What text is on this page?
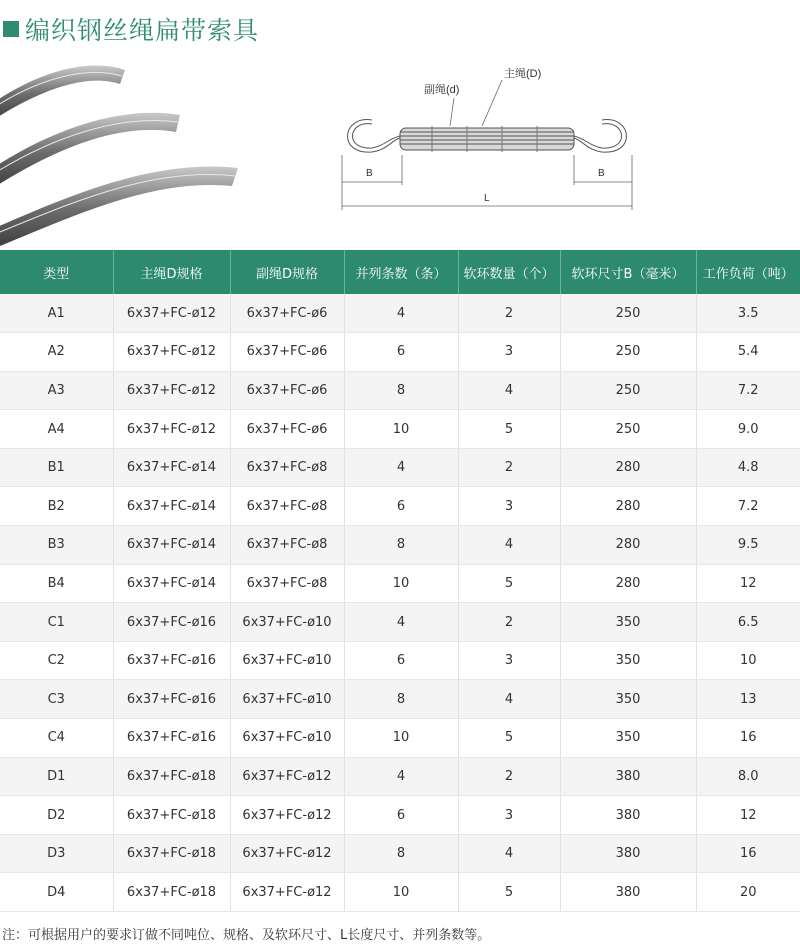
编织钢丝绳扁带索具
副绳(d)
主绳(D)
B	B
L
类型	主绳D规格	副绳D规格	并列条数（条）	软环数量（个）	软环尺寸B（毫米）	工作负荷（吨）
A1	6x37+FC-ø12	6x37+FC-ø6	4	2	250	3.5
A2	6x37+FC-ø12	6x37+FC-ø6	6	3	250	5.4
A3	6x37+FC-ø12	6x37+FC-ø6	8	4	250	7.2
A4	6x37+FC-ø12	6x37+FC-ø6	10	5	250	9.0
B1	6x37+FC-ø14	6x37+FC-ø8	4	2	280	4.8
B2	6x37+FC-ø14	6x37+FC-ø8	6	3	280	7.2
B3	6x37+FC-ø14	6x37+FC-ø8	8	4	280	9.5
B4	6x37+FC-ø14	6x37+FC-ø8	10	5	280	12
C1	6x37+FC-ø16	6x37+FC-ø10	4	2	350	6.5
C2	6x37+FC-ø16	6x37+FC-ø10	6	3	350	10
C3	6x37+FC-ø16	6x37+FC-ø10	8	4	350	13
C4	6x37+FC-ø16	6x37+FC-ø10	10	5	350	16
D1	6x37+FC-ø18	6x37+FC-ø12	4	2	380	8.0
D2	6x37+FC-ø18	6x37+FC-ø12	6	3	380	12
D3	6x37+FC-ø18	6x37+FC-ø12	8	4	380	16
D4	6x37+FC-ø18	6x37+FC-ø12	10	5	380	20
注：可根据用户的要求订做不同吨位、规格、及软环尺寸、L长度尺寸、并列条数等。
